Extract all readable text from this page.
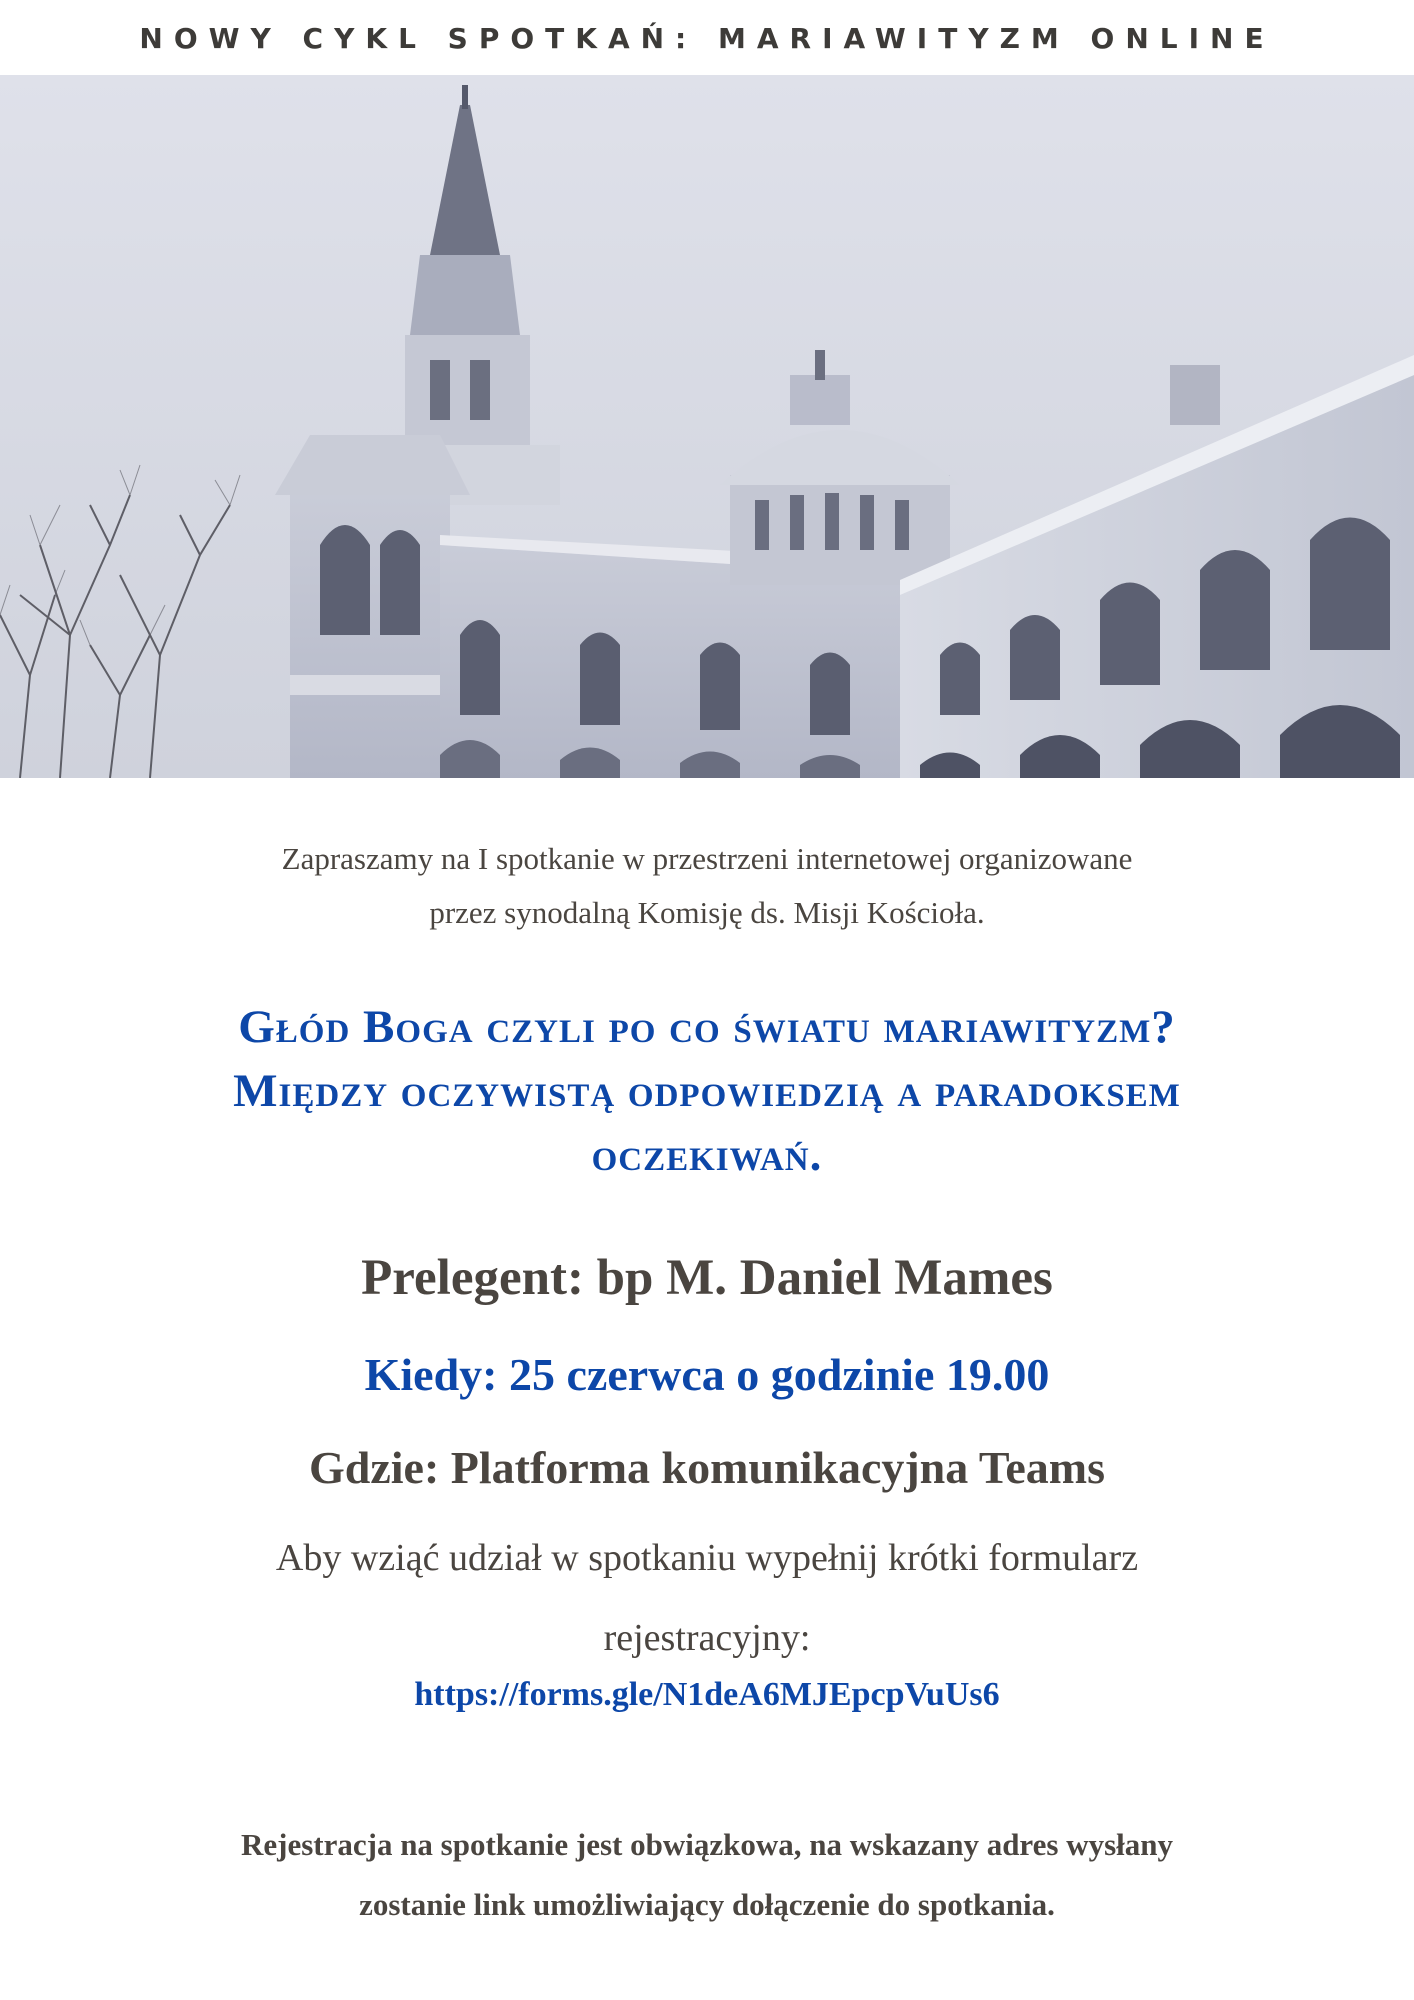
NOWY CYKL SPOTKAŃ: MARIAWITYZM ONLINE
Zapraszamy na I spotkanie w przestrzeni internetowej organizowane
przez synodalną Komisję ds. Misji Kościoła.
Głód Boga czyli po co światu mariawityzm?
Między oczywistą odpowiedzią a paradoksem
oczekiwań.
Prelegent: bp M. Daniel Mames
Kiedy: 25 czerwca o godzinie 19.00
Gdzie: Platforma komunikacyjna Teams
Aby wziąć udział w spotkaniu wypełnij krótki formularz
rejestracyjny:
https://forms.gle/N1deA6MJEpcpVuUs6
Rejestracja na spotkanie jest obwiązkowa, na wskazany adres wysłany
zostanie link umożliwiający dołączenie do spotkania.
